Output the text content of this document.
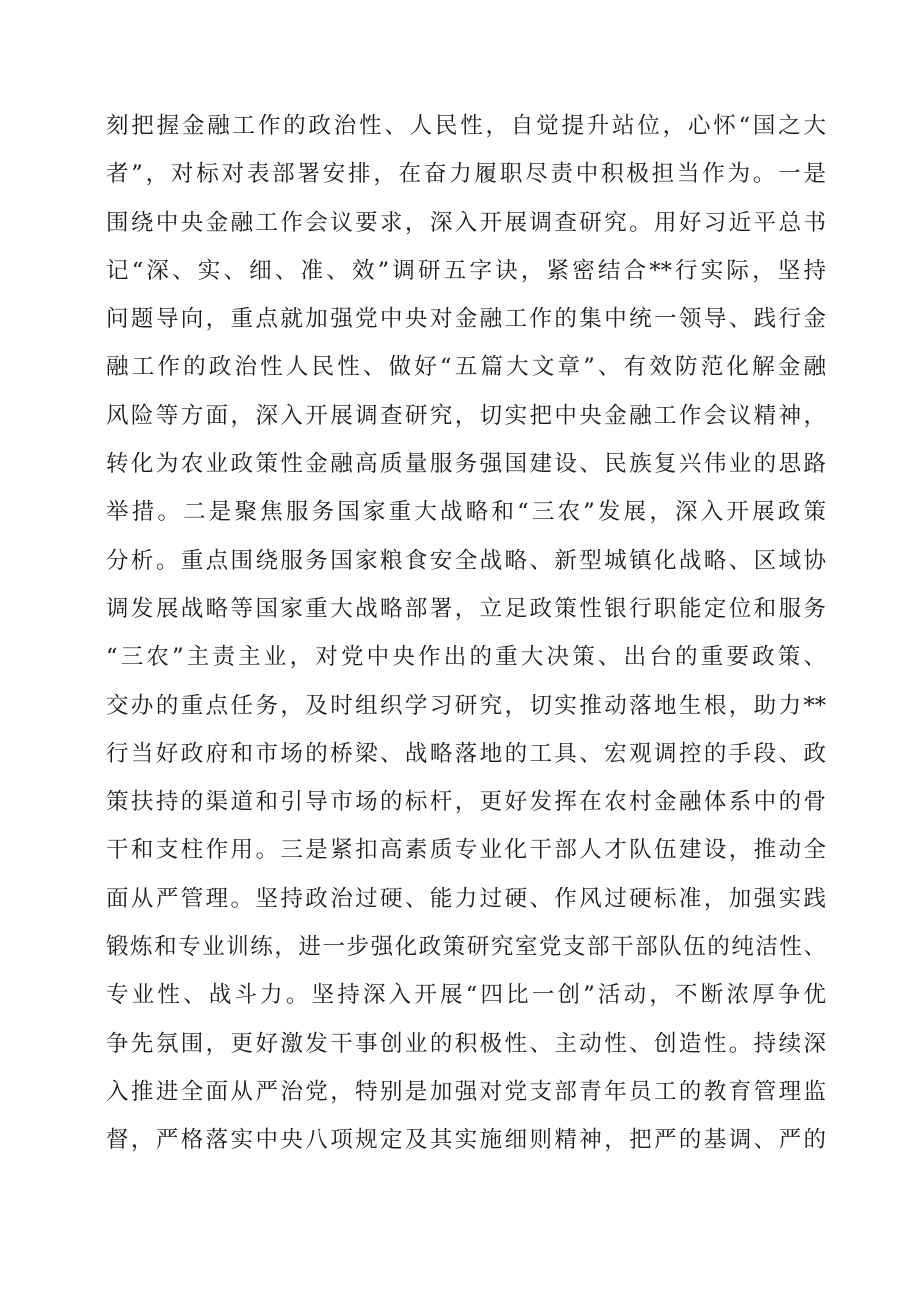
刻把握金融工作的政治性、人民性，自觉提升站位，心怀“国之大
者”，对标对表部署安排，在奋力履职尽责中积极担当作为。一是
围绕中央金融工作会议要求，深入开展调查研究。用好习近平总书
记“深、实、细、准、效”调研五字诀，紧密结合**行实际，坚持
问题导向，重点就加强党中央对金融工作的集中统一领导、践行金
融工作的政治性人民性、做好“五篇大文章”、有效防范化解金融
风险等方面，深入开展调查研究，切实把中央金融工作会议精神，
转化为农业政策性金融高质量服务强国建设、民族复兴伟业的思路
举措。二是聚焦服务国家重大战略和“三农”发展，深入开展政策
分析。重点围绕服务国家粮食安全战略、新型城镇化战略、区域协
调发展战略等国家重大战略部署，立足政策性银行职能定位和服务
“三农”主责主业，对党中央作出的重大决策、出台的重要政策、
交办的重点任务，及时组织学习研究，切实推动落地生根，助力**
行当好政府和市场的桥梁、战略落地的工具、宏观调控的手段、政
策扶持的渠道和引导市场的标杆，更好发挥在农村金融体系中的骨
干和支柱作用。三是紧扣高素质专业化干部人才队伍建设，推动全
面从严管理。坚持政治过硬、能力过硬、作风过硬标准，加强实践
锻炼和专业训练，进一步强化政策研究室党支部干部队伍的纯洁性、
专业性、战斗力。坚持深入开展“四比一创”活动，不断浓厚争优
争先氛围，更好激发干事创业的积极性、主动性、创造性。持续深
入推进全面从严治党，特别是加强对党支部青年员工的教育管理监
督，严格落实中央八项规定及其实施细则精神，把严的基调、严的
